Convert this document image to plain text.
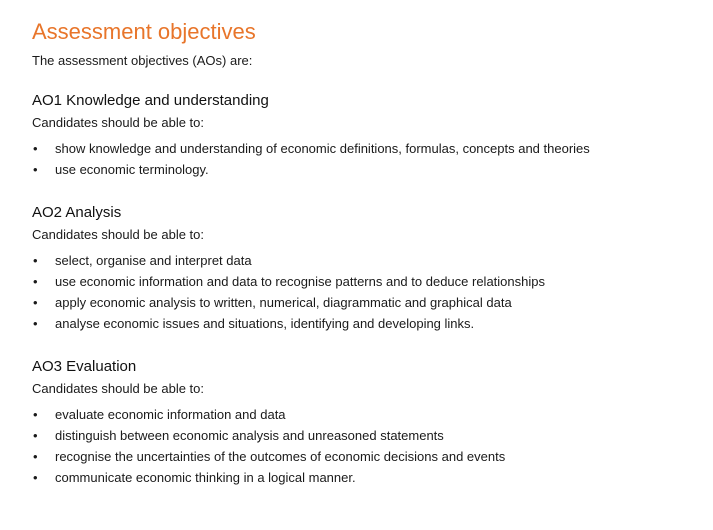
Assessment objectives

The assessment objectives (AOs) are:

AO1 Knowledge and understanding

Candidates should be able to:

• show knowledge and understanding of economic definitions, formulas, concepts and theories
• use economic terminology.
AO2 Analysis

Candidates should be able to:

• select, organise and interpret data
• use economic information and data to recognise patterns and to deduce relationships
• apply economic analysis to written, numerical, diagrammatic and graphical data
• analyse economic issues and situations, identifying and developing links.
AO3 Evaluation

Candidates should be able to:

• evaluate economic information and data
• distinguish between economic analysis and unreasoned statements
• recognise the uncertainties of the outcomes of economic decisions and events
• communicate economic thinking in a logical manner.
